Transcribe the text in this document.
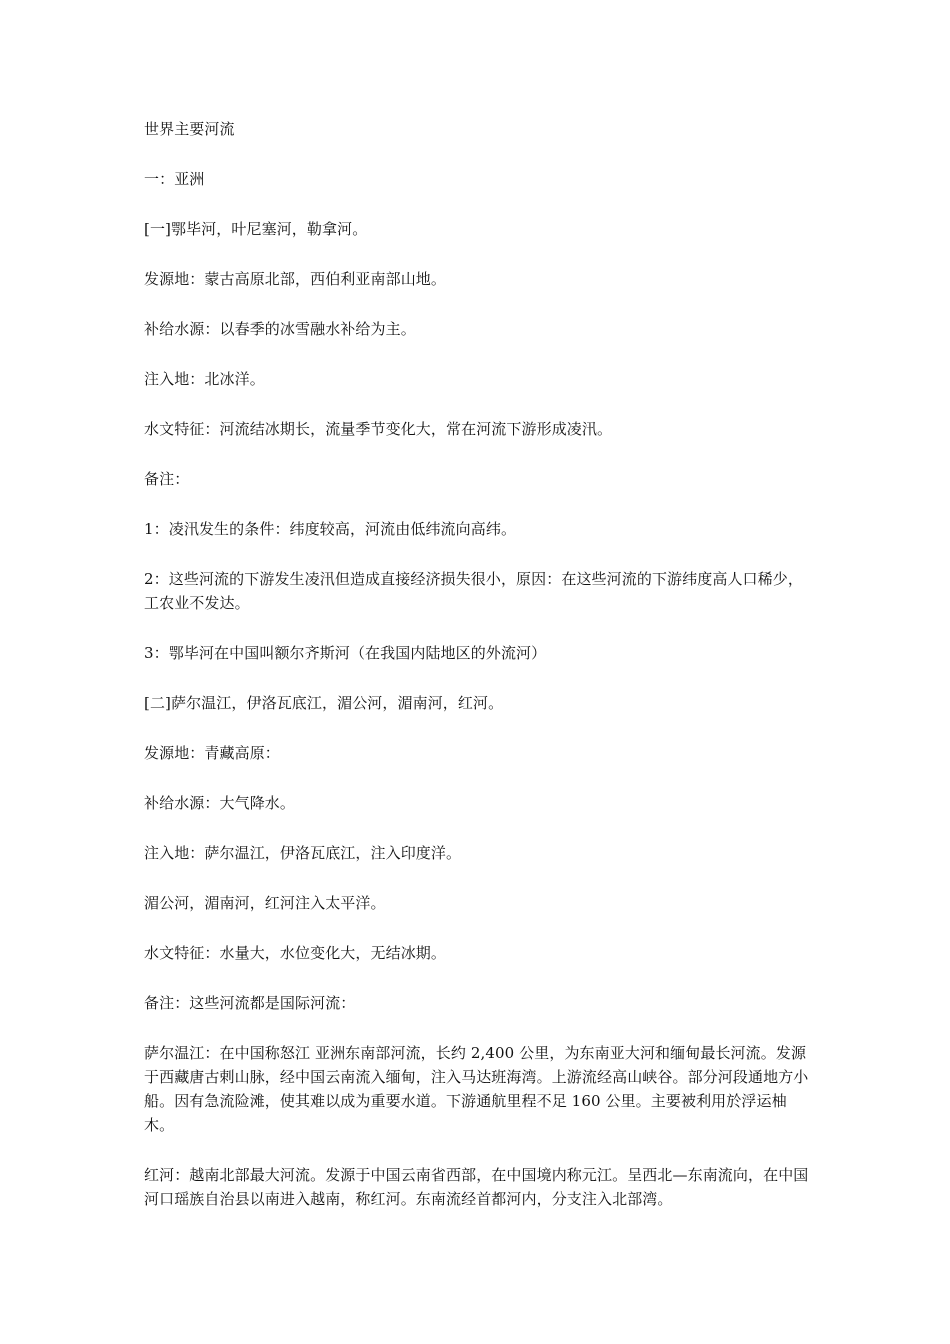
世界主要河流

一：亚洲

[一]鄂毕河，叶尼塞河，勒拿河。

发源地：蒙古高原北部，西伯利亚南部山地。

补给水源：以春季的冰雪融水补给为主。

注入地：北冰洋。

水文特征：河流结冰期长，流量季节变化大，常在河流下游形成凌汛。

备注：

1：凌汛发生的条件：纬度较高，河流由低纬流向高纬。

2：这些河流的下游发生凌汛但造成直接经济损失很小，原因：在这些河流的下游纬度高人口稀少，工农业不发达。

3：鄂毕河在中国叫额尔齐斯河（在我国内陆地区的外流河）

[二]萨尔温江，伊洛瓦底江，湄公河，湄南河，红河。

发源地：青藏高原：

补给水源：大气降水。

注入地：萨尔温江，伊洛瓦底江，注入印度洋。

湄公河，湄南河，红河注入太平洋。

水文特征：水量大，水位变化大，无结冰期。

备注：这些河流都是国际河流：

萨尔温江：在中国称怒江 亚洲东南部河流，长约 2,400 公里，为东南亚大河和缅甸最长河流。发源于西藏唐古剌山脉，经中国云南流入缅甸，注入马达班海湾。上游流经高山峡谷。部分河段通地方小船。因有急流险滩，使其难以成为重要水道。下游通航里程不足 160 公里。主要被利用於浮运柚木。

红河：越南北部最大河流。发源于中国云南省西部，在中国境内称元江。呈西北—东南流向，在中国河口瑶族自治县以南进入越南，称红河。东南流经首都河内，分支注入北部湾。
